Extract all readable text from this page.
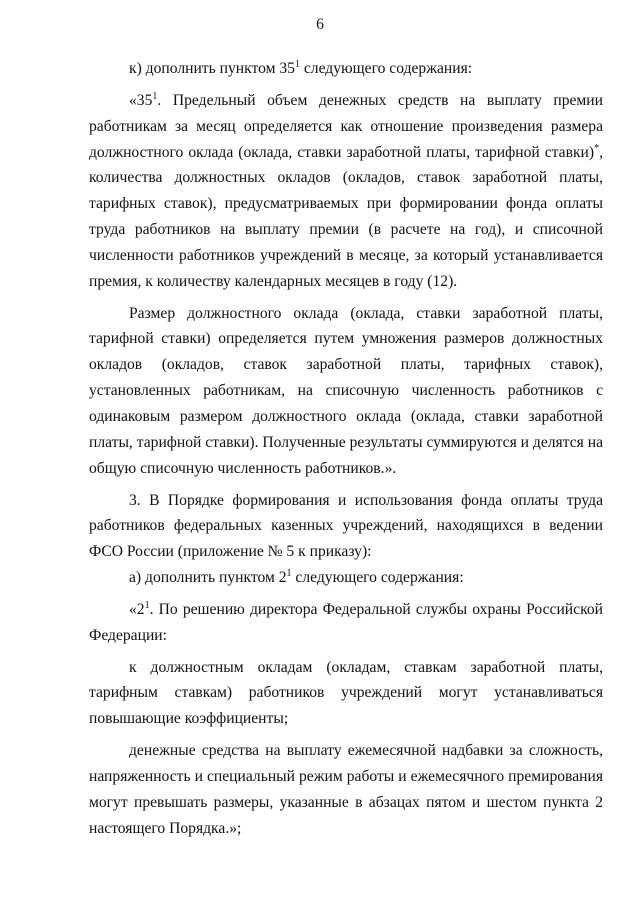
6

к) дополнить пунктом $35^1$ следующего содержания:

«$35^1$. Предельный объем денежных средств на выплату премии работникам за месяц определяется как отношение произведения размера должностного оклада (оклада, ставки заработной платы, тарифной ставки)*, количества должностных окладов (окладов, ставок заработной платы, тарифных ставок), предусматриваемых при формировании фонда оплаты труда работников на выплату премии (в расчете на год), и списочной численности работников учреждений в месяце, за который устанавливается премия, к количеству календарных месяцев в году (12).

Размер должностного оклада (оклада, ставки заработной платы, тарифной ставки) определяется путем умножения размеров должностных окладов (окладов, ставок заработной платы, тарифных ставок), установленных работникам, на списочную численность работников с одинаковым размером должностного оклада (оклада, ставки заработной платы, тарифной ставки). Полученные результаты суммируются и делятся на общую списочную численность работников.».

3. В Порядке формирования и использования фонда оплаты труда работников федеральных казенных учреждений, находящихся в ведении ФСО России (приложение № 5 к приказу):

а) дополнить пунктом $2^1$ следующего содержания:

«$2^1$. По решению директора Федеральной службы охраны Российской Федерации:

к должностным окладам (окладам, ставкам заработной платы, тарифным ставкам) работников учреждений могут устанавливаться повышающие коэффициенты;

денежные средства на выплату ежемесячной надбавки за сложность, напряженность и специальный режим работы и ежемесячного премирования могут превышать размеры, указанные в абзацах пятом и шестом пункта 2 настоящего Порядка.»;
